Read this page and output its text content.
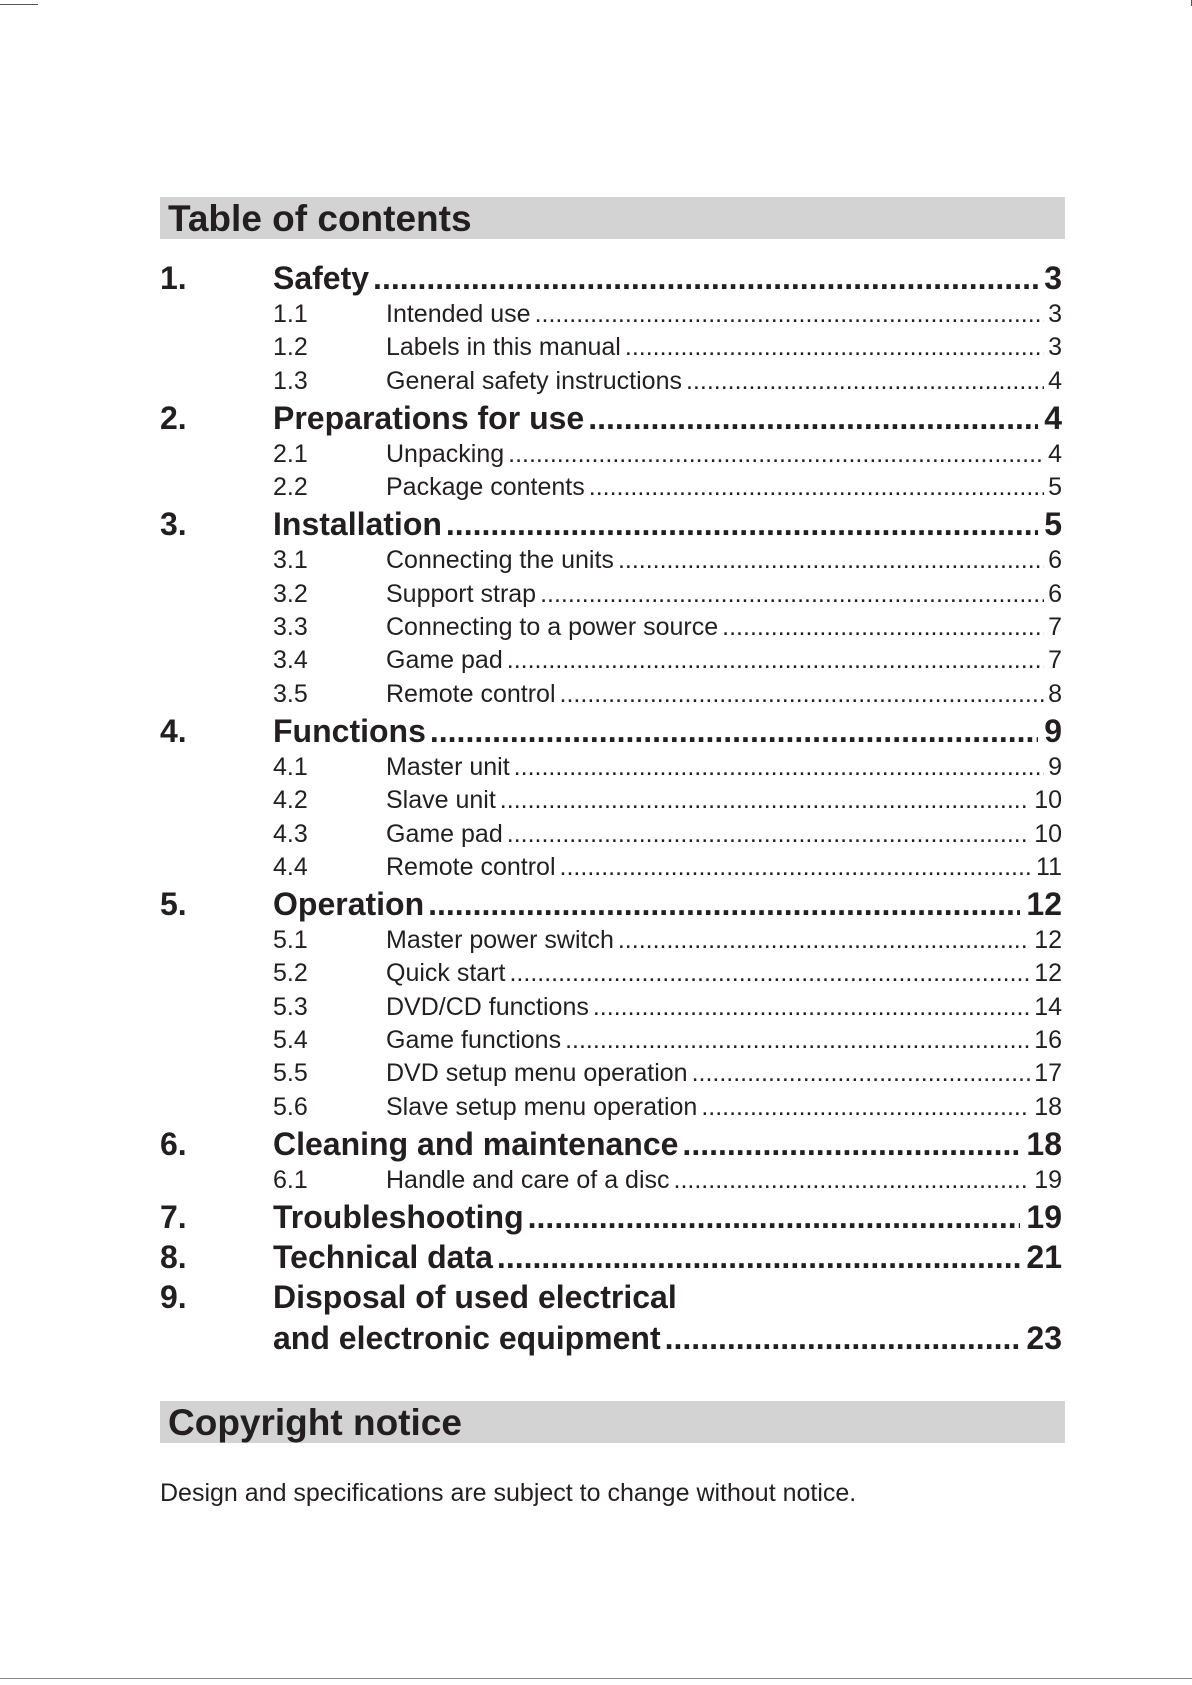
Table of contents
1.	Safety .....	3
1.1	Intended use .....	3
1.2	Labels in this manual .....	3
1.3	General safety instructions .....	4
2.	Preparations for use .....	4
2.1	Unpacking .....	4
2.2	Package contents .....	5
3.	Installation .....	5
3.1	Connecting the units .....	6
3.2	Support strap .....	6
3.3	Connecting to a power source .....	7
3.4	Game pad .....	7
3.5	Remote control .....	8
4.	Functions .....	9
4.1	Master unit .....	9
4.2	Slave unit .....	10
4.3	Game pad .....	10
4.4	Remote control .....	11
5.	Operation .....	12
5.1	Master power switch .....	12
5.2	Quick start .....	12
5.3	DVD/CD functions .....	14
5.4	Game functions .....	16
5.5	DVD setup menu operation .....	17
5.6	Slave setup menu operation .....	18
6.	Cleaning and maintenance .....	18
6.1	Handle and care of a disc .....	19
7.	Troubleshooting .....	19
8.	Technical data .....	21
9.	Disposal of used electrical
and electronic equipment .....	23
Copyright notice
Design and specifications are subject to change without notice.
